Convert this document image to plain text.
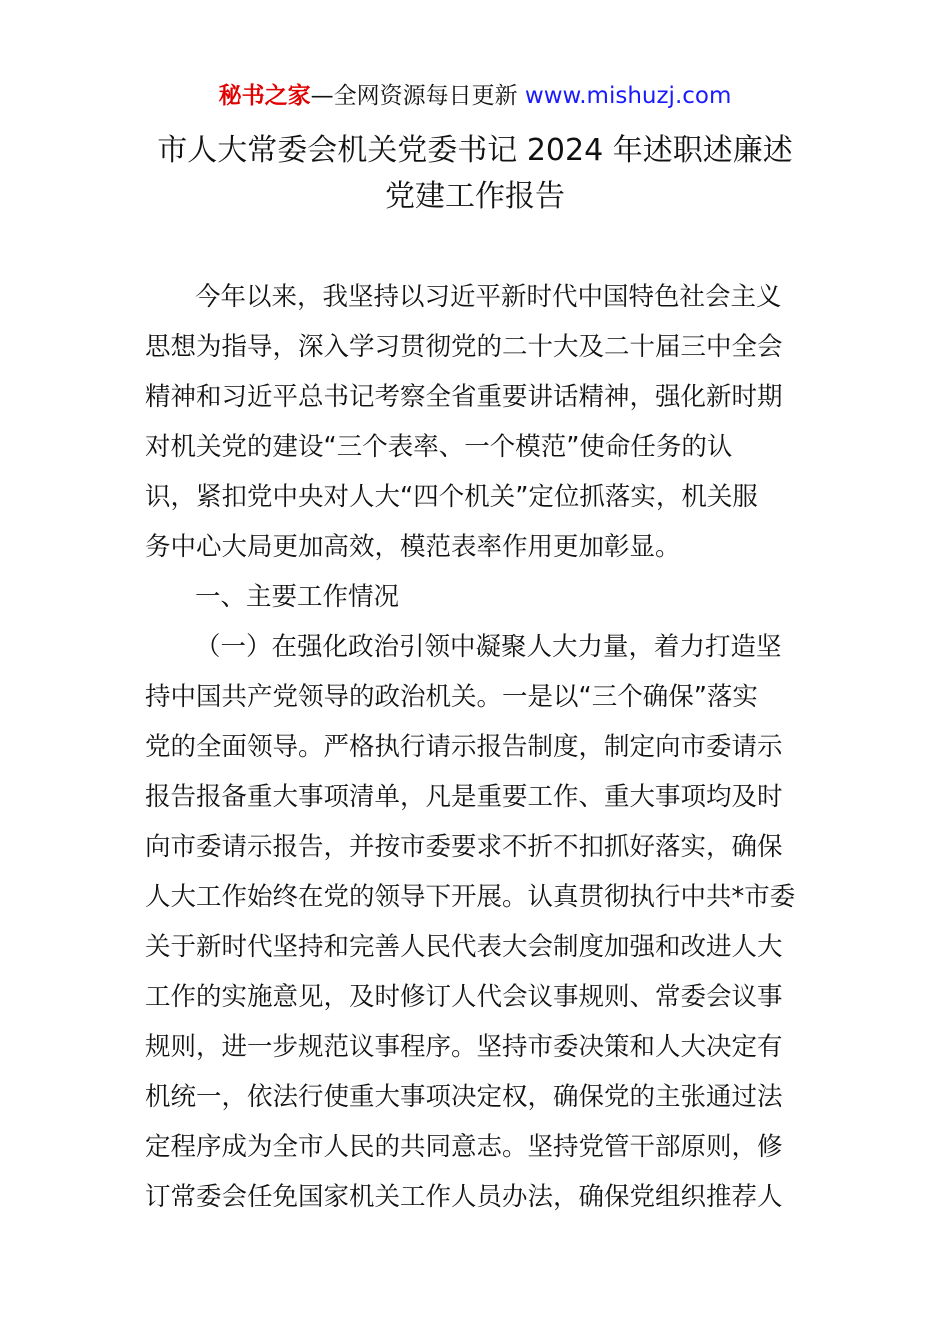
秘书之家—全网资源每日更新 www.mishuzj.com
市人大常委会机关党委书记 2024 年述职述廉述
党建工作报告
今年以来，我坚持以习近平新时代中国特色社会主义
思想为指导，深入学习贯彻党的二十大及二十届三中全会
精神和习近平总书记考察全省重要讲话精神，强化新时期
对机关党的建设“三个表率、一个模范”使命任务的认
识，紧扣党中央对人大“四个机关”定位抓落实，机关服
务中心大局更加高效，模范表率作用更加彰显。
一、主要工作情况
（一）在强化政治引领中凝聚人大力量，着力打造坚
持中国共产党领导的政治机关。一是以“三个确保”落实
党的全面领导。严格执行请示报告制度，制定向市委请示
报告报备重大事项清单，凡是重要工作、重大事项均及时
向市委请示报告，并按市委要求不折不扣抓好落实，确保
人大工作始终在党的领导下开展。认真贯彻执行中共*市委
关于新时代坚持和完善人民代表大会制度加强和改进人大
工作的实施意见，及时修订人代会议事规则、常委会议事
规则，进一步规范议事程序。坚持市委决策和人大决定有
机统一，依法行使重大事项决定权，确保党的主张通过法
定程序成为全市人民的共同意志。坚持党管干部原则，修
订常委会任免国家机关工作人员办法，确保党组织推荐人
